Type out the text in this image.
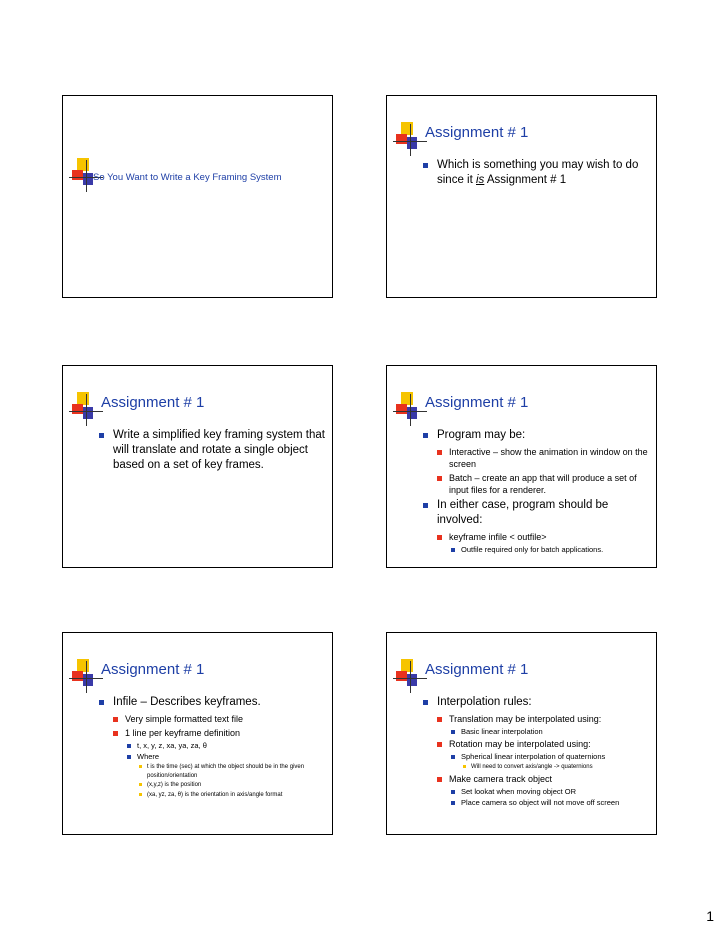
So You Want to Write a Key Framing System
Assignment # 1
Which is something you may wish to do since it is Assignment # 1
Assignment # 1
Write a simplified key framing system that will translate and rotate a single object based on a set of key frames.
Assignment # 1
Program may be:
Interactive – show the animation in window on the screen
Batch – create an app that will produce a set of input files for a renderer.
In either case, program should be involved:
keyframe infile < outfile>
Outfile required only for batch applications.
Assignment # 1
Infile – Describes keyframes.
Very simple formatted text file
1 line per keyframe definition
t, x, y, z, xa, ya, za, θ
Where
t is the time (sec) at which the object should be in the given position/orientation
(x,y,z) is the position
(xa, yz, za, θ) is the orientation in axis/angle format
Assignment # 1
Interpolation rules:
Translation may be interpolated using:
Basic linear interpolation
Rotation may be interpolated using:
Spherical linear interpolation of quaternions
Will need to convert axis/angle -> quaternions
Make camera track object
Set lookat when moving object OR
Place camera so object will not move off screen
1
